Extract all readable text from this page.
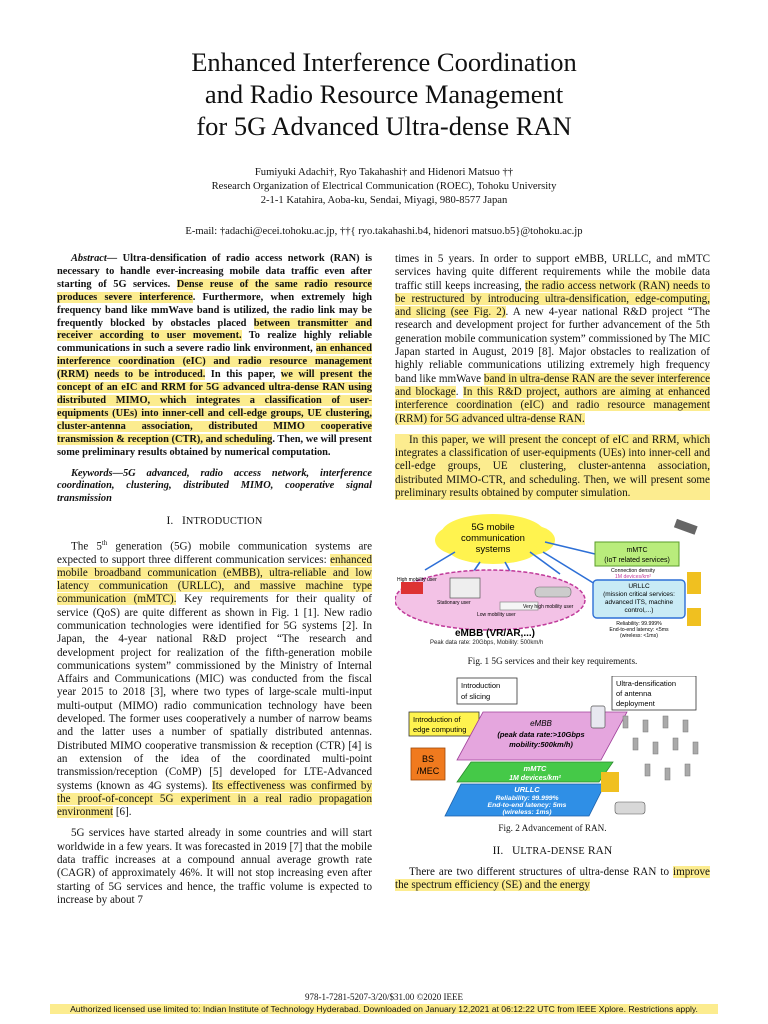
Enhanced Interference Coordination
and Radio Resource Management
for 5G Advanced Ultra-dense RAN
Fumiyuki Adachi†, Ryo Takahashi† and Hidenori Matsuo ††
Research Organization of Electrical Communication (ROEC), Tohoku University
2-1-1 Katahira, Aoba-ku, Sendai, Miyagi, 980-8577 Japan
E-mail: †adachi@ecei.tohoku.ac.jp, ††{ ryo.takahashi.b4, hidenori matsuo.b5}@tohoku.ac.jp

Abstract— Ultra-densification of radio access network (RAN) is necessary to handle ever-increasing mobile data traffic even after starting of 5G services. Dense reuse of the same radio resource produces severe interference. Furthermore, when extremely high frequency band like mmWave band is utilized, the radio link may be frequently blocked by obstacles placed between transmitter and receiver according to user movement. To realize highly reliable communications in such a severe radio link environment, an enhanced interference coordination (eIC) and radio resource management (RRM) needs to be introduced. In this paper, we will present the concept of an eIC and RRM for 5G advanced ultra-dense RAN using distributed MIMO, which integrates a classification of user-equipments (UEs) into inner-cell and cell-edge groups, UE clustering, cluster-antenna association, distributed MIMO cooperative transmission & reception (CTR), and scheduling. Then, we will present some preliminary results obtained by numerical computation.

Keywords—5G advanced, radio access network, interference coordination, clustering, distributed MIMO, cooperative signal transmission

I. INTRODUCTION

The 5th generation (5G) mobile communication systems are expected to support three different communication services: enhanced mobile broadband communication (eMBB), ultra-reliable and low latency communication (URLLC), and massive machine type communication (mMTC). Key requirements for their quality of service (QoS) are quite different as shown in Fig. 1 [1]. New radio communication technologies were identified for 5G systems [2]. In Japan, the 4-year national R&D project “The research and development project for realization of the fifth-generation mobile communications system” commissioned by the Ministry of Internal Affairs and Communications (MIC) was conducted from the fiscal year 2015 to 2018 [3], where two types of large-scale multi-input multi-output (MIMO) radio communication technology have been developed. The former uses cooperatively a number of narrow beams and the latter uses a number of spatially distributed antennas. Distributed MIMO cooperative transmission & reception (CTR) [4] is an extension of the idea of the coordinated multi-point transmission/reception (CoMP) [5] developed for LTE-Advanced systems (known as 4G systems). Its effectiveness was confirmed by the proof-of-concept 5G experiment in a real radio propagation environment [6].

5G services have started already in some countries and will start worldwide in a few years. It was forecasted in 2019 [7] that the mobile data traffic increases at a compound annual average growth rate (CAGR) of approximately 46%. It will not stop increasing even after starting of 5G services and hence, the traffic volume is expected to increase by about 7

times in 5 years. In order to support eMBB, URLLC, and mMTC services having quite different requirements while the mobile data traffic still keeps increasing, the radio access network (RAN) needs to be restructured by introducing ultra-densification, edge-computing, and slicing (see Fig. 2). A new 4-year national R&D project “The research and development project for further advancement of the 5th generation mobile communication system” commissioned by The MIC Japan started in August, 2019 [8]. Major obstacles to realization of highly reliable communications utilizing extremely high frequency band like mmWave band in ultra-dense RAN are the sever interference and blockage. In this R&D project, authors are aiming at enhanced interference coordination (eIC) and radio resource management (RRM) for 5G advanced ultra-dense RAN.

In this paper, we will present the concept of eIC and RRM, which integrates a classification of user-equipments (UEs) into inner-cell and cell-edge groups, UE clustering, cluster-antenna association, distributed MIMO-CTR, and scheduling. Then, we will present some preliminary results obtained by computer simulation.

5G mobile
communication
systems
High mobility user
Stationary user
Low mobility user
Very high mobility user
eMBB (VR/AR,...)
Peak data rate: 20Gbps, Mobility: 500km/h
mMTC
(IoT related services)
Connection density
1M devices/km²
URLLC
(mission critical services:
advanced ITS, machine
control,...)
Reliability: 99.999%
End-to-end latency: <5ms
(wireless: <1ms)

Fig. 1 5G services and their key requirements.

Introduction
of slicing
Ultra-densification
of antenna
deployment
Introduction of
edge computing
eMBB
(peak data rate:>10Gbps
mobility:500km/h)
mMTC
1M devices/km²
URLLC
Reliability: 99.999%
End-to-end latency: 5ms
(wireless: 1ms)
BS
/MEC

Fig. 2 Advancement of RAN.

II. ULTRA-DENSE RAN

There are two different structures of ultra-dense RAN to improve the spectrum efficiency (SE) and the energy

978-1-7281-5207-3/20/$31.00 ©2020 IEEE
Authorized licensed use limited to: Indian Institute of Technology Hyderabad. Downloaded on January 12,2021 at 06:12:22 UTC from IEEE Xplore. Restrictions apply.
